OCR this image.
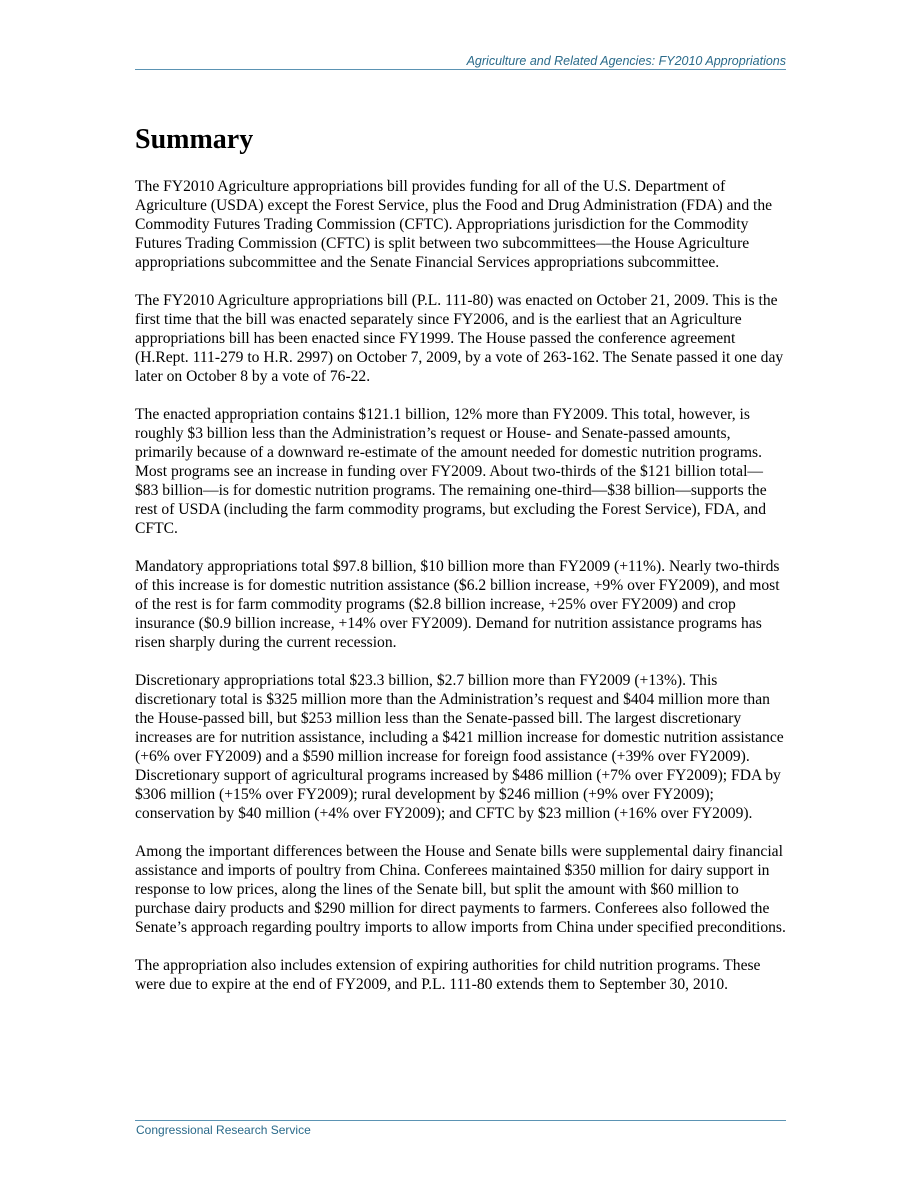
Agriculture and Related Agencies: FY2010 Appropriations
Summary

The FY2010 Agriculture appropriations bill provides funding for all of the U.S. Department of Agriculture (USDA) except the Forest Service, plus the Food and Drug Administration (FDA) and the Commodity Futures Trading Commission (CFTC). Appropriations jurisdiction for the Commodity Futures Trading Commission (CFTC) is split between two subcommittees—the House Agriculture appropriations subcommittee and the Senate Financial Services appropriations subcommittee.

The FY2010 Agriculture appropriations bill (P.L. 111-80) was enacted on October 21, 2009. This is the first time that the bill was enacted separately since FY2006, and is the earliest that an Agriculture appropriations bill has been enacted since FY1999. The House passed the conference agreement (H.Rept. 111-279 to H.R. 2997) on October 7, 2009, by a vote of 263-162. The Senate passed it one day later on October 8 by a vote of 76-22.

The enacted appropriation contains $121.1 billion, 12% more than FY2009. This total, however, is roughly $3 billion less than the Administration’s request or House- and Senate-passed amounts, primarily because of a downward re-estimate of the amount needed for domestic nutrition programs. Most programs see an increase in funding over FY2009. About two-thirds of the $121 billion total—$83 billion—is for domestic nutrition programs. The remaining one-third—$38 billion—supports the rest of USDA (including the farm commodity programs, but excluding the Forest Service), FDA, and CFTC.

Mandatory appropriations total $97.8 billion, $10 billion more than FY2009 (+11%). Nearly two-thirds of this increase is for domestic nutrition assistance ($6.2 billion increase, +9% over FY2009), and most of the rest is for farm commodity programs ($2.8 billion increase, +25% over FY2009) and crop insurance ($0.9 billion increase, +14% over FY2009). Demand for nutrition assistance programs has risen sharply during the current recession.

Discretionary appropriations total $23.3 billion, $2.7 billion more than FY2009 (+13%). This discretionary total is $325 million more than the Administration’s request and $404 million more than the House-passed bill, but $253 million less than the Senate-passed bill. The largest discretionary increases are for nutrition assistance, including a $421 million increase for domestic nutrition assistance (+6% over FY2009) and a $590 million increase for foreign food assistance (+39% over FY2009). Discretionary support of agricultural programs increased by $486 million (+7% over FY2009); FDA by $306 million (+15% over FY2009); rural development by $246 million (+9% over FY2009); conservation by $40 million (+4% over FY2009); and CFTC by $23 million (+16% over FY2009).

Among the important differences between the House and Senate bills were supplemental dairy financial assistance and imports of poultry from China. Conferees maintained $350 million for dairy support in response to low prices, along the lines of the Senate bill, but split the amount with $60 million to purchase dairy products and $290 million for direct payments to farmers. Conferees also followed the Senate’s approach regarding poultry imports to allow imports from China under specified preconditions.

The appropriation also includes extension of expiring authorities for child nutrition programs. These were due to expire at the end of FY2009, and P.L. 111-80 extends them to September 30, 2010.

Congressional Research Service
